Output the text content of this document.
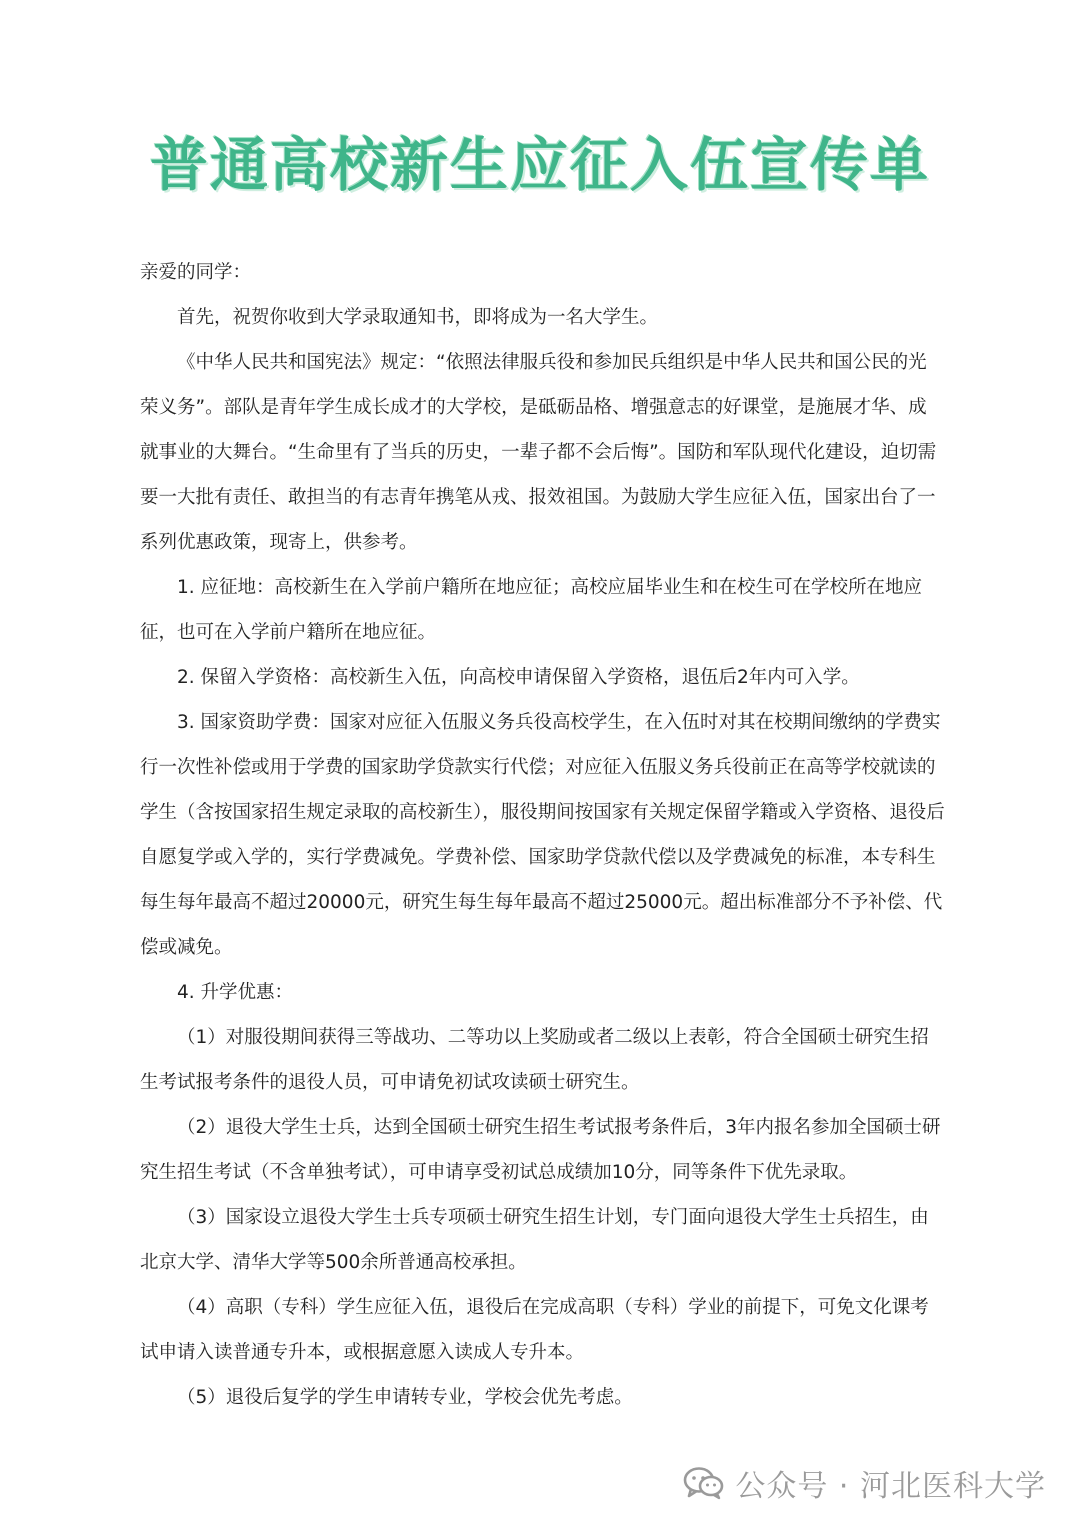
普通高校新生应征入伍宣传单

亲爱的同学：

首先，祝贺你收到大学录取通知书，即将成为一名大学生。

《中华人民共和国宪法》规定：“依照法律服兵役和参加民兵组织是中华人民共和国公民的光荣义务”。部队是青年学生成长成才的大学校，是砥砺品格、增强意志的好课堂，是施展才华、成就事业的大舞台。“生命里有了当兵的历史，一辈子都不会后悔”。国防和军队现代化建设，迫切需要一大批有责任、敢担当的有志青年携笔从戎、报效祖国。为鼓励大学生应征入伍，国家出台了一系列优惠政策，现寄上，供参考。

1. 应征地：高校新生在入学前户籍所在地应征；高校应届毕业生和在校生可在学校所在地应征，也可在入学前户籍所在地应征。

2. 保留入学资格：高校新生入伍，向高校申请保留入学资格，退伍后2年内可入学。

3. 国家资助学费：国家对应征入伍服义务兵役高校学生，在入伍时对其在校期间缴纳的学费实行一次性补偿或用于学费的国家助学贷款实行代偿；对应征入伍服义务兵役前正在高等学校就读的学生（含按国家招生规定录取的高校新生），服役期间按国家有关规定保留学籍或入学资格、退役后自愿复学或入学的，实行学费减免。学费补偿、国家助学贷款代偿以及学费减免的标准，本专科生每生每年最高不超过20000元，研究生每生每年最高不超过25000元。超出标准部分不予补偿、代偿或减免。

4. 升学优惠：

（1）对服役期间获得三等战功、二等功以上奖励或者二级以上表彰，符合全国硕士研究生招生考试报考条件的退役人员，可申请免初试攻读硕士研究生。

（2）退役大学生士兵，达到全国硕士研究生招生考试报考条件后，3年内报名参加全国硕士研究生招生考试（不含单独考试），可申请享受初试总成绩加10分，同等条件下优先录取。

（3）国家设立退役大学生士兵专项硕士研究生招生计划，专门面向退役大学生士兵招生，由北京大学、清华大学等500余所普通高校承担。

（4）高职（专科）学生应征入伍，退役后在完成高职（专科）学业的前提下，可免文化课考试申请入读普通专升本，或根据意愿入读成人专升本。

（5）退役后复学的学生申请转专业，学校会优先考虑。

公众号 · 河北医科大学
